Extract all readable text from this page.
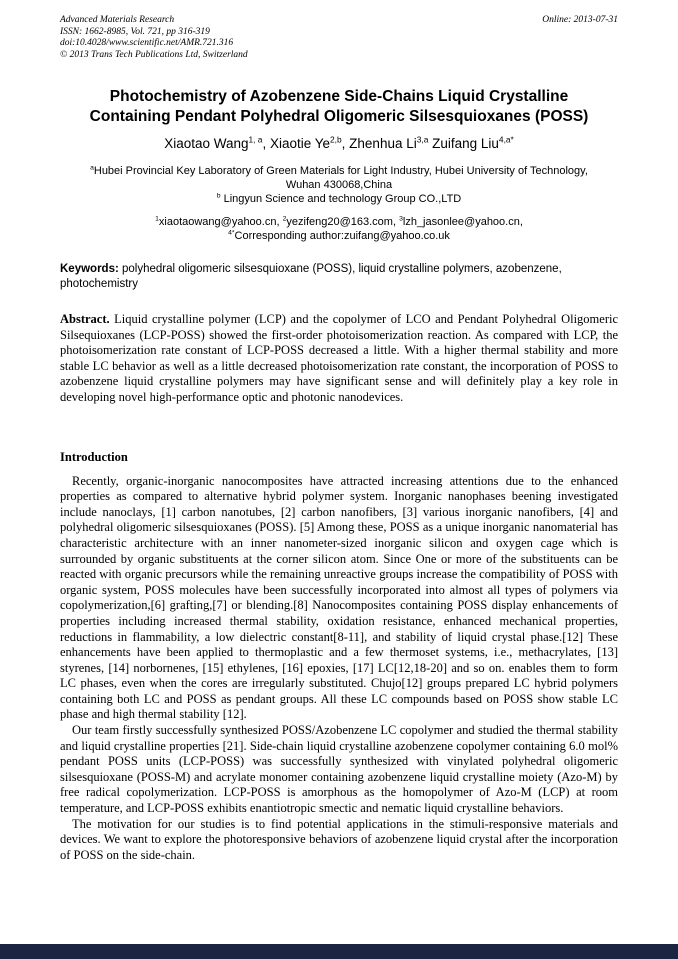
Advanced Materials Research
ISSN: 1662-8985, Vol. 721, pp 316-319
doi:10.4028/www.scientific.net/AMR.721.316
© 2013 Trans Tech Publications Ltd, Switzerland
Online: 2013-07-31
Photochemistry of Azobenzene Side-Chains Liquid Crystalline
Containing Pendant Polyhedral Oligomeric Silsesquioxanes (POSS)
Xiaotao Wang$^{1, a}$, Xiaotie Ye$^{2,b}$, Zhenhua Li$^{3,a}$ Zuifang Liu$^{4,a*}$
$^a$Hubei Provincial Key Laboratory of Green Materials for Light Industry, Hubei University of Technology, Wuhan 430068,China
$^b$ Lingyun Science and technology Group CO.,LTD
$^1$xiaotaowang@yahoo.cn, $^2$yezifeng20@163.com, $^3$lzh_jasonlee@yahoo.cn,
$^{4*}$Corresponding author:zuifang@yahoo.co.uk
Keywords: polyhedral oligomeric silsesquioxane (POSS), liquid crystalline polymers, azobenzene, photochemistry
Abstract. Liquid crystalline polymer (LCP) and the copolymer of LCO and Pendant Polyhedral Oligomeric Silsequioxanes (LCP-POSS) showed the first-order photoisomerization reaction. As compared with LCP, the photoisomerization rate constant of LCP-POSS decreased a little. With a higher thermal stability and more stable LC behavior as well as a little decreased photoisomerization rate constant, the incorporation of POSS to azobenzene liquid crystalline polymers may have significant sense and will definitely play a key role in developing novel high-performance optic and photonic nanodevices.
Introduction

Recently, organic-inorganic nanocomposites have attracted increasing attentions due to the enhanced properties as compared to alternative hybrid polymer system. Inorganic nanophases beening investigated include nanoclays, [1] carbon nanotubes, [2] carbon nanofibers, [3] various inorganic nanofibers, [4] and polyhedral oligomeric silsesquioxanes (POSS). [5] Among these, POSS as a unique inorganic nanomaterial has characteristic architecture with an inner nanometer-sized inorganic silicon and oxygen cage which is surrounded by organic substituents at the corner silicon atom. Since One or more of the substituents can be reacted with organic precursors while the remaining unreactive groups increase the compatibility of POSS with organic system, POSS molecules have been successfully incorporated into almost all types of polymers via copolymerization,[6] grafting,[7] or blending.[8] Nanocomposites containing POSS display enhancements of properties including increased thermal stability, oxidation resistance, enhanced mechanical properties, reductions in flammability, a low dielectric constant[8-11], and stability of liquid crystal phase.[12] These enhancements have been applied to thermoplastic and a few thermoset systems, i.e., methacrylates, [13] styrenes, [14] norbornenes, [15] ethylenes, [16] epoxies, [17] LC[12,18-20] and so on. enables them to form LC phases, even when the cores are irregularly substituted. Chujo[12] groups prepared LC hybrid polymers containing both LC and POSS as pendant groups. All these LC compounds based on POSS show stable LC phase and high thermal stability [12].

Our team firstly successfully synthesized POSS/Azobenzene LC copolymer and studied the thermal stability and liquid crystalline properties [21]. Side-chain liquid crystalline azobenzene copolymer containing 6.0 mol% pendant POSS units (LCP-POSS) was successfully synthesized with vinylated polyhedral oligomeric silsesquioxane (POSS-M) and acrylate monomer containing azobenzene liquid crystalline moiety (Azo-M) by free radical copolymerization. LCP-POSS is amorphous as the homopolymer of Azo-M (LCP) at room temperature, and LCP-POSS exhibits enantiotropic smectic and nematic liquid crystalline behaviors.

The motivation for our studies is to find potential applications in the stimuli-responsive materials and devices. We want to explore the photoresponsive behaviors of azobenzene liquid crystal after the incorporation of POSS on the side-chain.
